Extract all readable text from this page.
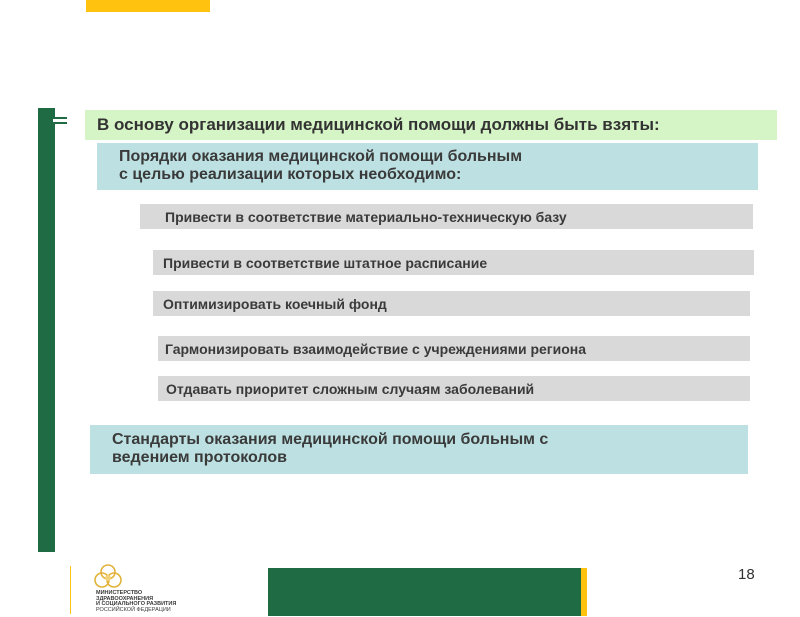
В основу организации медицинской помощи должны быть взяты:
Порядки оказания медицинской помощи больным
с целью реализации которых необходимо:
Привести в соответствие материально-техническую базу
Привести в соответствие штатное расписание
Оптимизировать коечный фонд
Гармонизировать взаимодействие с учреждениями региона
Отдавать приоритет сложным случаям заболеваний
Стандарты оказания медицинской помощи больным с
ведением протоколов
18
МИНИСТЕРСТВО
ЗДРАВООХРАНЕНИЯ
И СОЦИАЛЬНОГО РАЗВИТИЯ
РОССИЙСКОЙ ФЕДЕРАЦИИ
